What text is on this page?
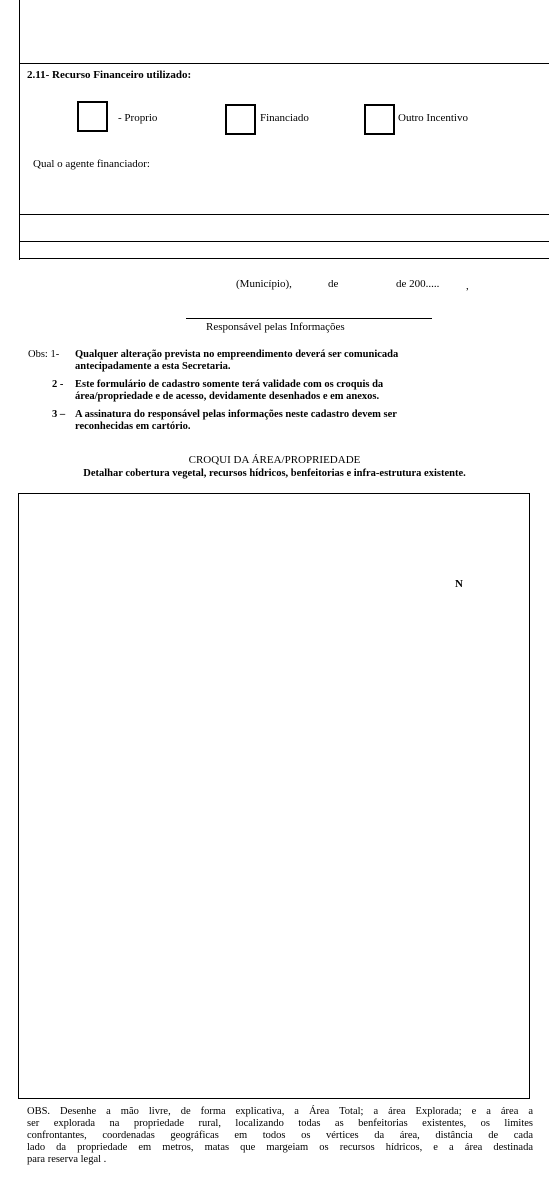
2.11- Recurso Financeiro utilizado:
- Proprio	Financiado	Outro Incentivo
Qual o agente financiador:
(Município),	de	de 200..... ,
Responsável pelas Informações
Obs: 1- Qualquer alteração prevista no empreendimento deverá ser comunicada
antecipadamente a esta Secretaria.
2 - Este formulário de cadastro somente terá validade com os croquis da
área/propriedade e de acesso, devidamente desenhados e em anexos.
3 – A assinatura do responsável pelas informações neste cadastro devem ser
reconhecidas em cartório.
CROQUI DA ÁREA/PROPRIEDADE
Detalhar cobertura vegetal, recursos hídricos, benfeitorias e infra-estrutura existente.
N
OBS. Desenhe a mão livre, de forma explicativa, a Área Total; a área Explorada; e a área a
ser explorada na propriedade rural, localizando todas as benfeitorias existentes, os limites
confrontantes, coordenadas geográficas em todos os vértices da área, distância de cada
lado da propriedade em metros, matas que margeiam os recursos hídricos, e a área destinada
para reserva legal .
